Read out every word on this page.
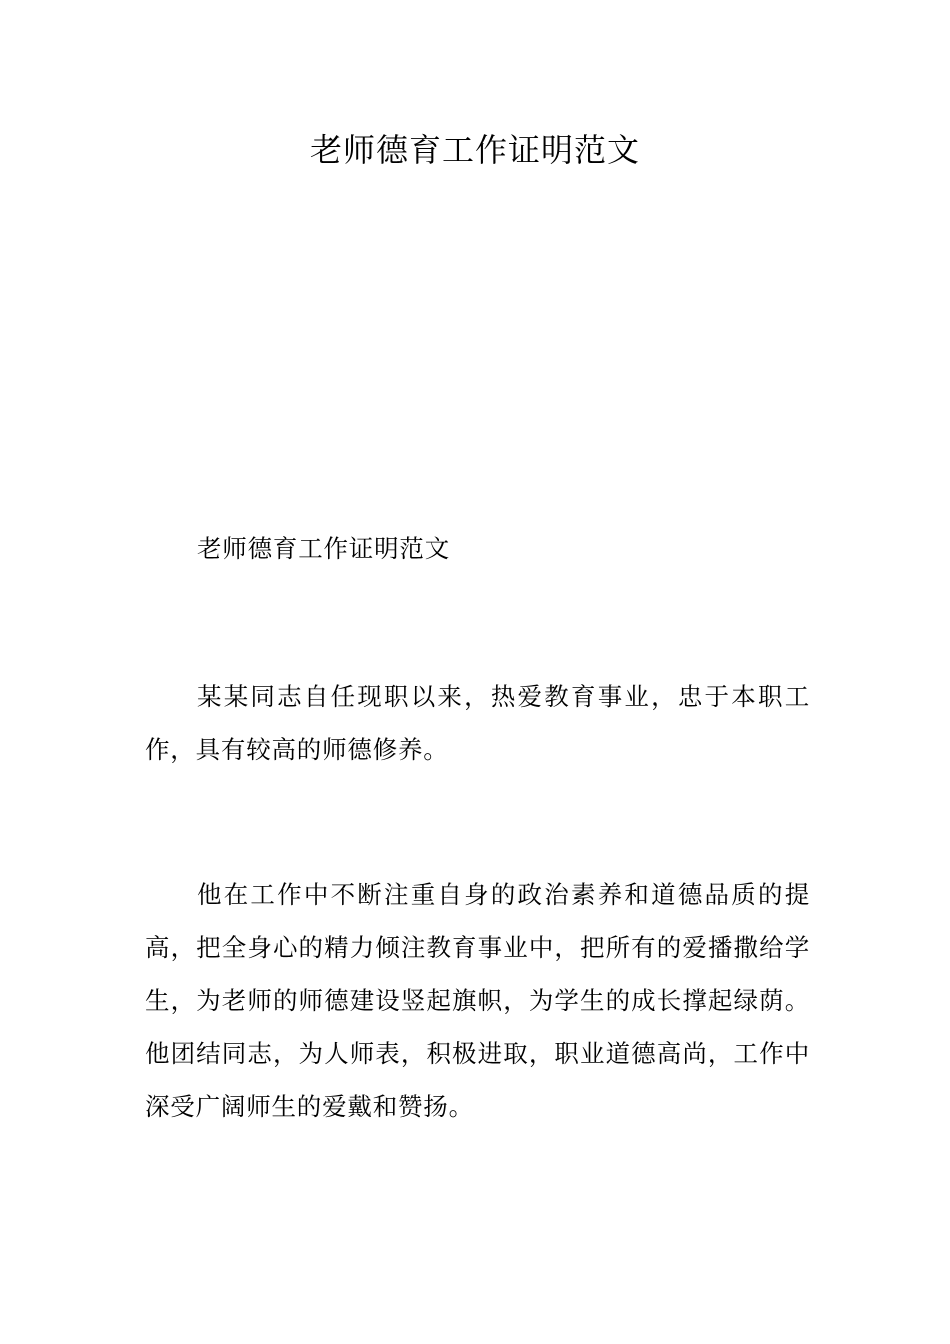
老师德育工作证明范文

老师德育工作证明范文

某某同志自任现职以来，热爱教育事业，忠于本职工作，具有较高的师德修养。

他在工作中不断注重自身的政治素养和道德品质的提高，把全身心的精力倾注教育事业中，把所有的爱播撒给学生，为老师的师德建设竖起旗帜，为学生的成长撑起绿荫。他团结同志，为人师表，积极进取，职业道德高尚，工作中深受广阔师生的爱戴和赞扬。
